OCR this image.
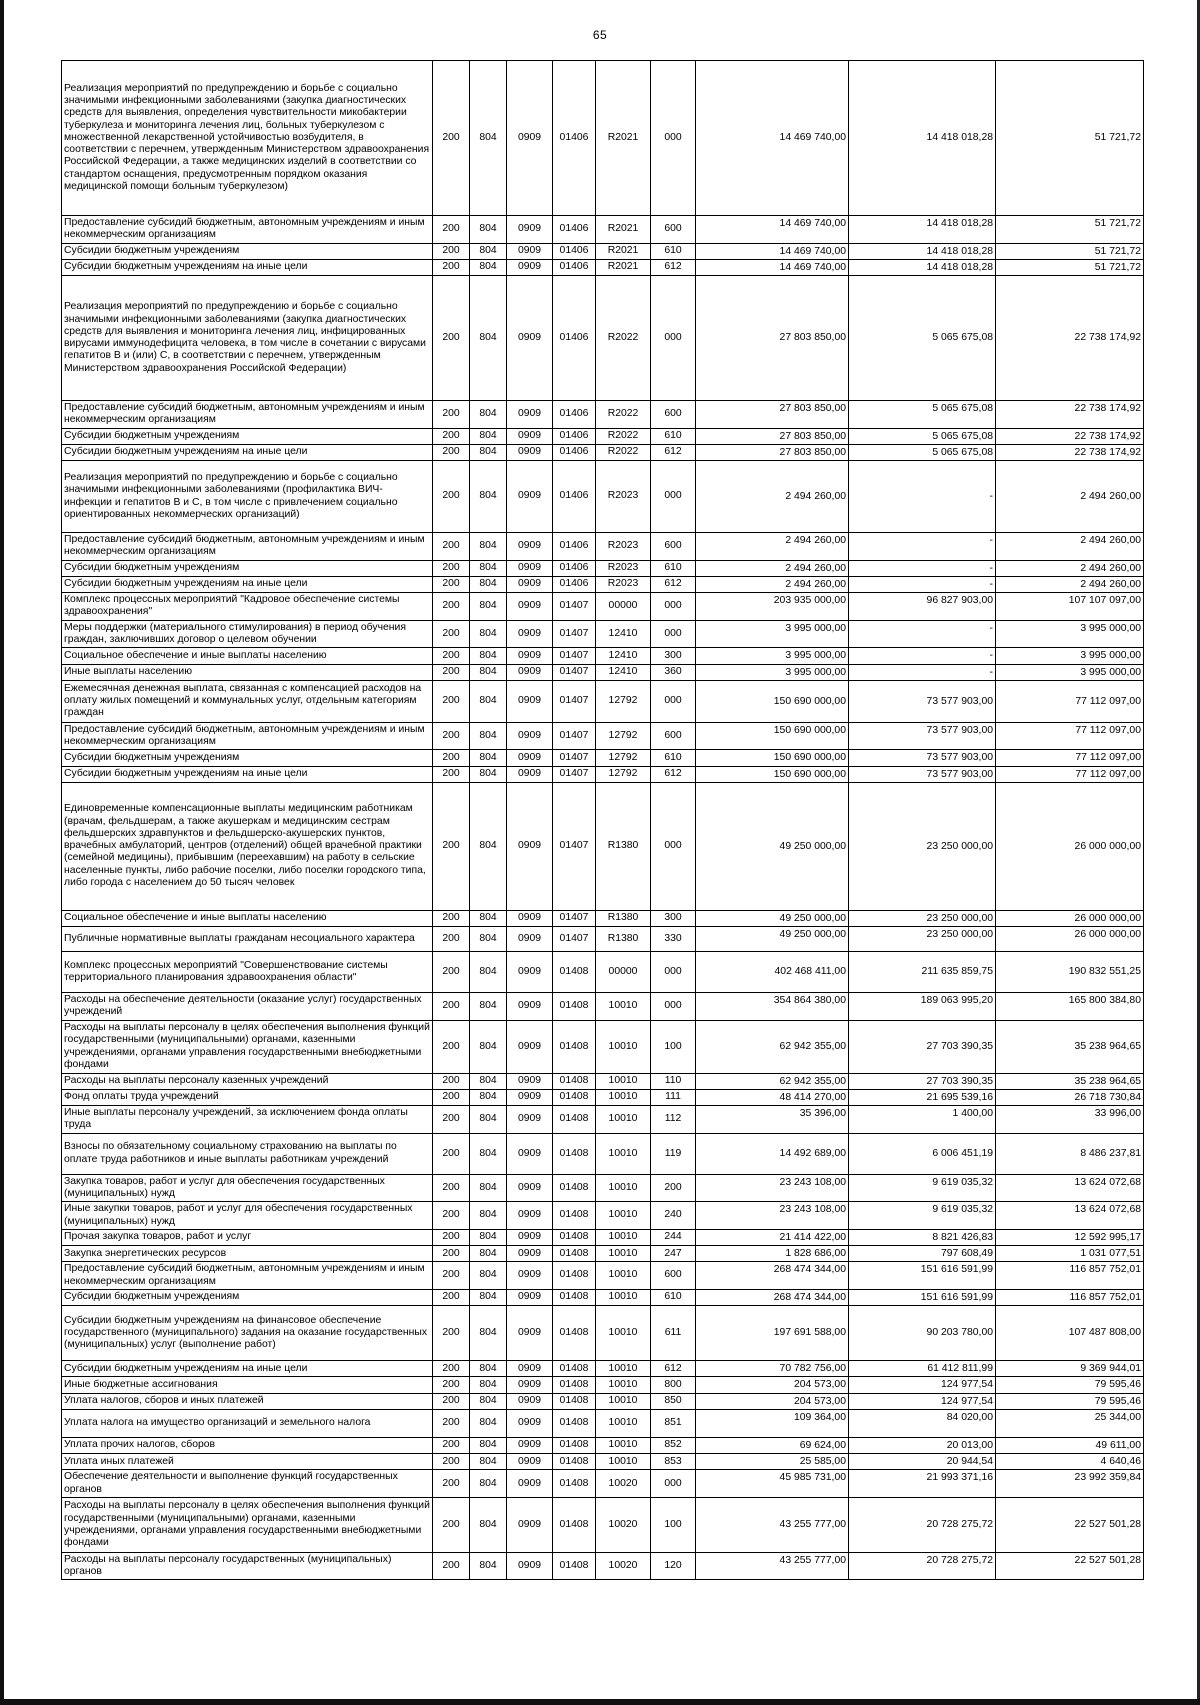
65
Реализация мероприятий по предупреждению и борьбе с социально значимыми инфекционными заболеваниями (закупка диагностических средств для выявления, определения чувствительности микобактерии туберкулеза и мониторинга лечения лиц, больных туберкулезом с множественной лекарственной устойчивостью возбудителя, в соответствии с перечнем, утвержденным Министерством здравоохранения Российской Федерации, а также медицинских изделий в соответствии со стандартом оснащения, предусмотренным порядком оказания медицинской помощи больным туберкулезом)	200	804	0909	01406	R2021	000	14 469 740,00	14 418 018,28	51 721,72
Предоставление субсидий бюджетным, автономным учреждениям и иным некоммерческим организациям	200	804	0909	01406	R2021	600	14 469 740,00	14 418 018,28	51 721,72
Субсидии бюджетным учреждениям	200	804	0909	01406	R2021	610	14 469 740,00	14 418 018,28	51 721,72
Субсидии бюджетным учреждениям на иные цели	200	804	0909	01406	R2021	612	14 469 740,00	14 418 018,28	51 721,72
Реализация мероприятий по предупреждению и борьбе с социально значимыми инфекционными заболеваниями (закупка диагностических средств для выявления и мониторинга лечения лиц, инфицированных вирусами иммунодефицита человека, в том числе в сочетании с вирусами гепатитов B и (или) C, в соответствии с перечнем, утвержденным Министерством здравоохранения Российской Федерации)	200	804	0909	01406	R2022	000	27 803 850,00	5 065 675,08	22 738 174,92
Предоставление субсидий бюджетным, автономным учреждениям и иным некоммерческим организациям	200	804	0909	01406	R2022	600	27 803 850,00	5 065 675,08	22 738 174,92
Субсидии бюджетным учреждениям	200	804	0909	01406	R2022	610	27 803 850,00	5 065 675,08	22 738 174,92
Субсидии бюджетным учреждениям на иные цели	200	804	0909	01406	R2022	612	27 803 850,00	5 065 675,08	22 738 174,92
Реализация мероприятий по предупреждению и борьбе с социально значимыми инфекционными заболеваниями (профилактика ВИЧ-инфекции и гепатитов B и C, в том числе с привлечением социально ориентированных некоммерческих организаций)	200	804	0909	01406	R2023	000	2 494 260,00	-	2 494 260,00
Предоставление субсидий бюджетным, автономным учреждениям и иным некоммерческим организациям	200	804	0909	01406	R2023	600	2 494 260,00	-	2 494 260,00
Субсидии бюджетным учреждениям	200	804	0909	01406	R2023	610	2 494 260,00	-	2 494 260,00
Субсидии бюджетным учреждениям на иные цели	200	804	0909	01406	R2023	612	2 494 260,00	-	2 494 260,00
Комплекс процессных мероприятий "Кадровое обеспечение системы здравоохранения"	200	804	0909	01407	00000	000	203 935 000,00	96 827 903,00	107 107 097,00
Меры поддержки (материального стимулирования) в период обучения граждан, заключивших договор о целевом обучении	200	804	0909	01407	12410	000	3 995 000,00	-	3 995 000,00
Социальное обеспечение и иные выплаты населению	200	804	0909	01407	12410	300	3 995 000,00	-	3 995 000,00
Иные выплаты населению	200	804	0909	01407	12410	360	3 995 000,00	-	3 995 000,00
Ежемесячная денежная выплата, связанная с компенсацией расходов на оплату жилых помещений и коммунальных услуг, отдельным категориям граждан	200	804	0909	01407	12792	000	150 690 000,00	73 577 903,00	77 112 097,00
Предоставление субсидий бюджетным, автономным учреждениям и иным некоммерческим организациям	200	804	0909	01407	12792	600	150 690 000,00	73 577 903,00	77 112 097,00
Субсидии бюджетным учреждениям	200	804	0909	01407	12792	610	150 690 000,00	73 577 903,00	77 112 097,00
Субсидии бюджетным учреждениям на иные цели	200	804	0909	01407	12792	612	150 690 000,00	73 577 903,00	77 112 097,00
Единовременные компенсационные выплаты медицинским работникам (врачам, фельдшерам, а также акушеркам и медицинским сестрам фельдшерских здравпунктов и фельдшерско-акушерских пунктов, врачебных амбулаторий, центров (отделений) общей врачебной практики (семейной медицины), прибывшим (переехавшим) на работу в сельские населенные пункты, либо рабочие поселки, либо поселки городского типа, либо города с населением до 50 тысяч человек	200	804	0909	01407	R1380	000	49 250 000,00	23 250 000,00	26 000 000,00
Социальное обеспечение и иные выплаты населению	200	804	0909	01407	R1380	300	49 250 000,00	23 250 000,00	26 000 000,00
Публичные нормативные выплаты гражданам несоциального характера	200	804	0909	01407	R1380	330	49 250 000,00	23 250 000,00	26 000 000,00
Комплекс процессных мероприятий "Совершенствование системы территориального планирования здравоохранения области"	200	804	0909	01408	00000	000	402 468 411,00	211 635 859,75	190 832 551,25
Расходы на обеспечение деятельности (оказание услуг) государственных учреждений	200	804	0909	01408	10010	000	354 864 380,00	189 063 995,20	165 800 384,80
Расходы на выплаты персоналу в целях обеспечения выполнения функций государственными (муниципальными) органами, казенными учреждениями, органами управления государственными внебюджетными фондами	200	804	0909	01408	10010	100	62 942 355,00	27 703 390,35	35 238 964,65
Расходы на выплаты персоналу казенных учреждений	200	804	0909	01408	10010	110	62 942 355,00	27 703 390,35	35 238 964,65
Фонд оплаты труда учреждений	200	804	0909	01408	10010	111	48 414 270,00	21 695 539,16	26 718 730,84
Иные выплаты персоналу учреждений, за исключением фонда оплаты труда	200	804	0909	01408	10010	112	35 396,00	1 400,00	33 996,00
Взносы по обязательному социальному страхованию на выплаты по оплате труда работников и иные выплаты работникам учреждений	200	804	0909	01408	10010	119	14 492 689,00	6 006 451,19	8 486 237,81
Закупка товаров, работ и услуг для обеспечения государственных (муниципальных) нужд	200	804	0909	01408	10010	200	23 243 108,00	9 619 035,32	13 624 072,68
Иные закупки товаров, работ и услуг для обеспечения государственных (муниципальных) нужд	200	804	0909	01408	10010	240	23 243 108,00	9 619 035,32	13 624 072,68
Прочая закупка товаров, работ и услуг	200	804	0909	01408	10010	244	21 414 422,00	8 821 426,83	12 592 995,17
Закупка энергетических ресурсов	200	804	0909	01408	10010	247	1 828 686,00	797 608,49	1 031 077,51
Предоставление субсидий бюджетным, автономным учреждениям и иным некоммерческим организациям	200	804	0909	01408	10010	600	268 474 344,00	151 616 591,99	116 857 752,01
Субсидии бюджетным учреждениям	200	804	0909	01408	10010	610	268 474 344,00	151 616 591,99	116 857 752,01
Субсидии бюджетным учреждениям на финансовое обеспечение государственного (муниципального) задания на оказание государственных (муниципальных) услуг (выполнение работ)	200	804	0909	01408	10010	611	197 691 588,00	90 203 780,00	107 487 808,00
Субсидии бюджетным учреждениям на иные цели	200	804	0909	01408	10010	612	70 782 756,00	61 412 811,99	9 369 944,01
Иные бюджетные ассигнования	200	804	0909	01408	10010	800	204 573,00	124 977,54	79 595,46
Уплата налогов, сборов и иных платежей	200	804	0909	01408	10010	850	204 573,00	124 977,54	79 595,46
Уплата налога на имущество организаций и земельного налога	200	804	0909	01408	10010	851	109 364,00	84 020,00	25 344,00
Уплата прочих налогов, сборов	200	804	0909	01408	10010	852	69 624,00	20 013,00	49 611,00
Уплата иных платежей	200	804	0909	01408	10010	853	25 585,00	20 944,54	4 640,46
Обеспечение деятельности и выполнение функций государственных органов	200	804	0909	01408	10020	000	45 985 731,00	21 993 371,16	23 992 359,84
Расходы на выплаты персоналу в целях обеспечения выполнения функций государственными (муниципальными) органами, казенными учреждениями, органами управления государственными внебюджетными фондами	200	804	0909	01408	10020	100	43 255 777,00	20 728 275,72	22 527 501,28
Расходы на выплаты персоналу государственных (муниципальных) органов	200	804	0909	01408	10020	120	43 255 777,00	20 728 275,72	22 527 501,28
